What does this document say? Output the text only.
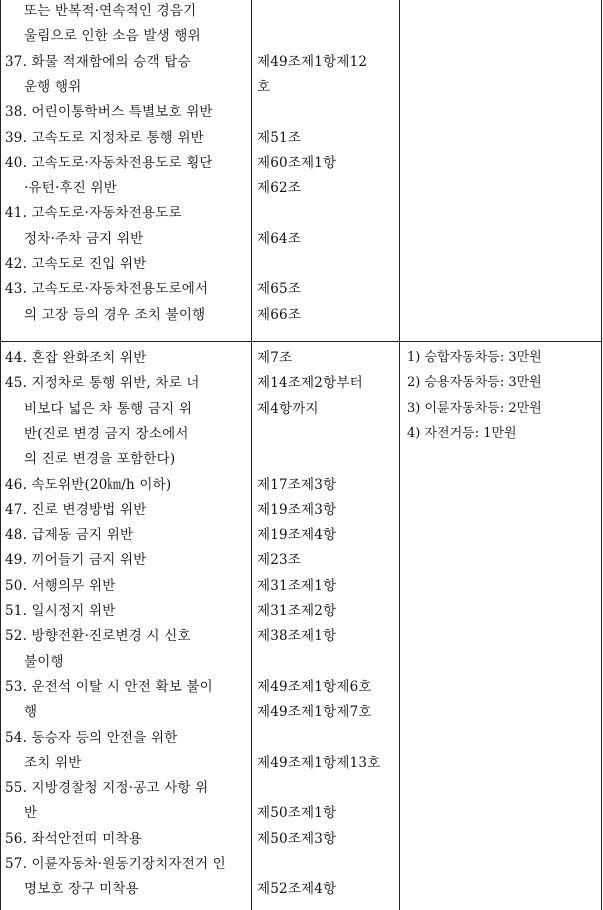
또는 반복적·연속적인 경음기
울림으로 인한 소음 발생 행위
37. 화물 적재함에의 승객 탑승
운행 행위
38. 어린이통학버스 특별보호 위반
39. 고속도로 지정차로 통행 위반
40. 고속도로·자동차전용도로 횡단
·유턴·후진 위반
41. 고속도로·자동차전용도로
정차·주차 금지 위반
42. 고속도로 진입 위반
43. 고속도로·자동차전용도로에서
의 고장 등의 경우 조치 불이행
제49조제1항제12
호
제51조
제60조제1항
제62조
제64조
제65조
제66조
44. 혼잡 완화조치 위반
45. 지정차로 통행 위반, 차로 너
비보다 넓은 차 통행 금지 위
반(진로 변경 금지 장소에서
의 진로 변경을 포함한다)
46. 속도위반(20㎞/h 이하)
47. 진로 변경방법 위반
48. 급제동 금지 위반
49. 끼어들기 금지 위반
50. 서행의무 위반
51. 일시정지 위반
52. 방향전환·진로변경 시 신호
불이행
53. 운전석 이탈 시 안전 확보 불이
행
54. 동승자 등의 안전을 위한
조치 위반
55. 지방경찰청 지정·공고 사항 위
반
56. 좌석안전띠 미착용
57. 이륜자동차·원동기장치자전거 인
명보호 장구 미착용
제7조
제14조제2항부터
제4항까지
제17조제3항
제19조제3항
제19조제4항
제23조
제31조제1항
제31조제2항
제38조제1항
제49조제1항제6호
제49조제1항제7호
제49조제1항제13호
제50조제1항
제50조제3항
제52조제4항
1) 승합자동차등: 3만원
2) 승용자동차등: 3만원
3) 이륜자동차등: 2만원
4) 자전거등: 1만원
